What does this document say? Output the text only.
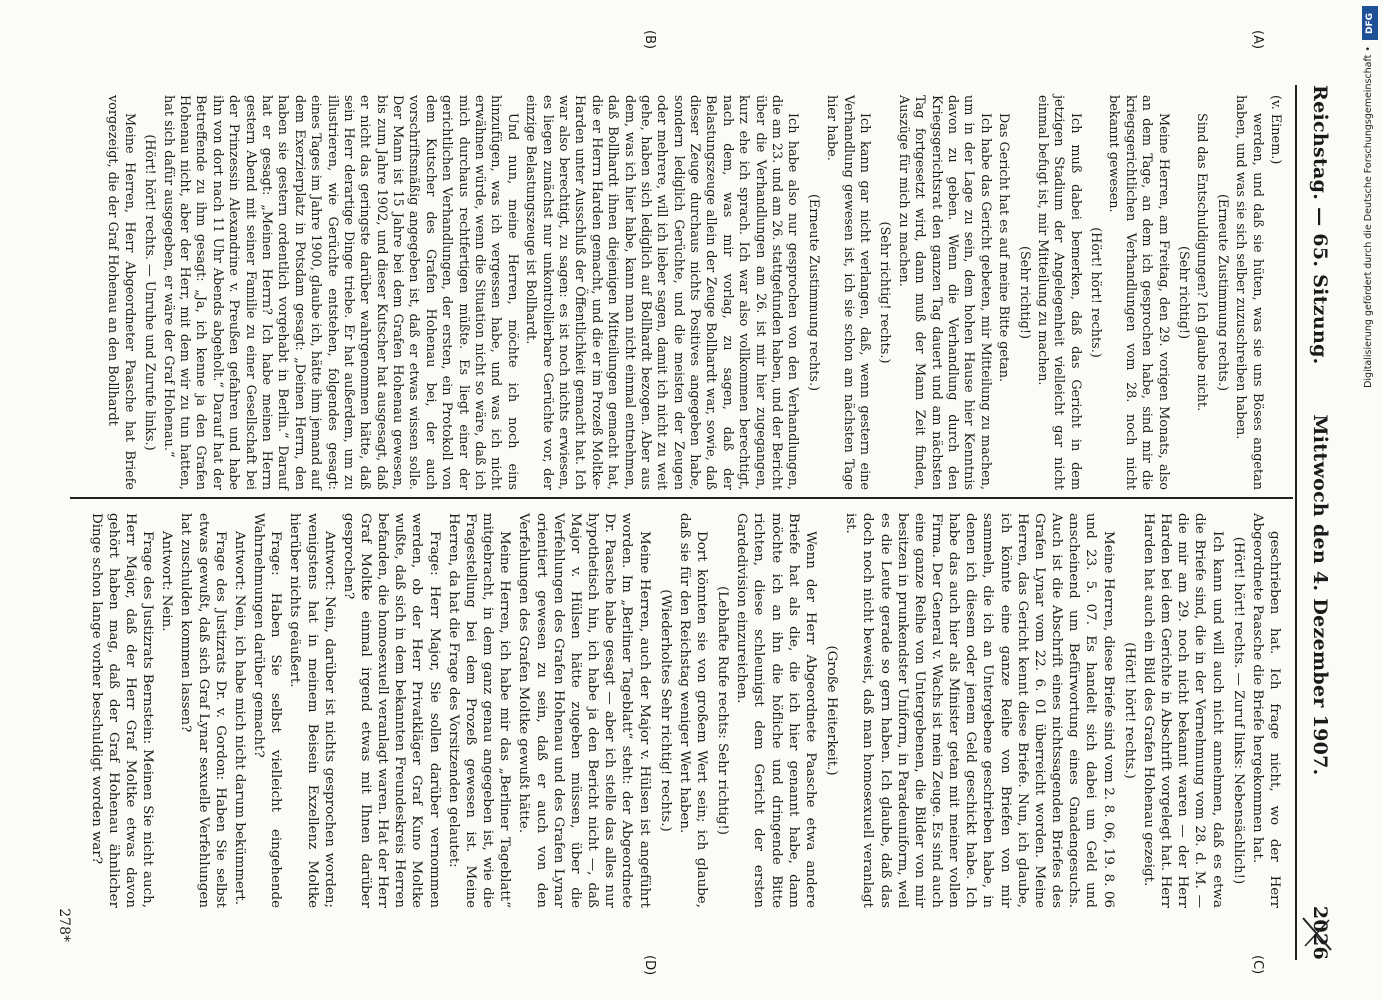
Reichstag. — 65. Sitzung.
Mittwoch den 4. Dezember 1907.
2026
(A)
(B)
(C)
(D)

(v. Einem.)

werden, und daß sie hüten, was sie uns Böses angetan haben, und was sie sich selber zuzuschreiben haben.

(Erneute Zustimmung rechts.)

Sind das Entschuldigungen? Ich glaube nicht.

(Sehr richtig!)

Meine Herren, am Freitag, den 29. vorigen Monats, also an dem Tage, an dem ich gesprochen habe, sind mir die kriegsgerichtlichen Verhandlungen vom 28. noch nicht bekannt gewesen.

(Hört! hört! rechts.)

Ich muß dabei bemerken, daß das Gericht in dem jetzigen Stadium der Angelegenheit vielleicht gar nicht einmal befugt ist, mir Mitteilung zu machen.

(Sehr richtig!)

Das Gericht hat es auf meine Bitte getan.

Ich habe das Gericht gebeten, mir Mitteilung zu machen, um in der Lage zu sein, dem hohen Hause hier Kenntnis davon zu geben. Wenn die Verhandlung durch den Kriegsgerichtsrat den ganzen Tag dauert und am nächsten Tag fortgesetzt wird, dann muß der Mann Zeit finden, Auszüge für mich zu machen.

(Sehr richtig! rechts.)

Ich kann gar nicht verlangen, daß, wenn gestern eine Verhandlung gewesen ist, ich sie schon am nächsten Tage hier habe.

(Erneute Zustimmung rechts.)

Ich habe also nur gesprochen von den Verhandlungen, die am 23. und am 26. stattgefunden haben, und der Bericht über die Verhandlungen am 26. ist mir hier zugegangen, kurz ehe ich sprach. Ich war also vollkommen berechtigt, nach dem, was mir vorlag, zu sagen, daß der Belastungszeuge allein der Zeuge Bollhardt war, sowie, daß dieser Zeuge durchaus nichts Positives angegeben habe, sondern lediglich Gerüchte, und die meisten der Zeugen oder mehrere, will ich lieber sagen, damit ich nicht zu weit gehe, haben sich lediglich auf Bollhardt bezogen. Aber aus dem, was ich hier habe, kann man nicht einmal entnehmen, daß Bollhardt ihnen diejenigen Mitteilungen gemacht hat, die er Herrn Harden gemacht, und die er im Prozeß Moltke-Harden unter Ausschluß der Öffentlichkeit gemacht hat. Ich war also berechtigt, zu sagen: es ist noch nichts erwiesen, es liegen zunächst nur unkontrollierbare Gerüchte vor, der einzige Belastungszeuge ist Bollhardt.

Und nun, meine Herren, möchte ich noch eins hinzufügen, was ich vergessen habe, und was ich nicht erwähnen würde, wenn die Situation nicht so wäre, daß ich mich durchaus rechtfertigen müßte. Es liegt einer der gerichtlichen Verhandlungen, der ersten, ein Protokoll von dem Kutscher des Grafen Hohenau bei, der auch vorschriftsmäßig angegeben ist, daß er etwas wissen solle. Der Mann ist 15 Jahre bei dem Grafen Hohenau gewesen, bis zum Jahre 1902, und dieser Kutscher hat ausgesagt, daß er nicht das geringste darüber wahrgenommen hätte, daß sein Herr derartige Dinge triebe. Er hat außerdem, um zu illustrieren, wie Gerüchte entstehen, folgendes gesagt: eines Tages im Jahre 1900, glaube ich, hätte ihm jemand auf dem Exerzierplatz in Potsdam gesagt: „Deinen Herrn, den haben sie gestern ordentlich vorgehabt in Berlin.“ Darauf hat er gesagt: „Meinen Herrn? Ich habe meinen Herrn gestern Abend mit seiner Familie zu einer Gesellschaft bei der Prinzessin Alexandrine v. Preußen gefahren und habe ihn von dort nach 11 Uhr Abends abgeholt.“ Darauf hat der Betreffende zu ihm gesagt: „Ja, ich kenne ja den Grafen Hohenau nicht, aber der Herr, mit dem wir zu tun hatten, hat sich dafür ausgegeben, er wäre der Graf Hohenau.“

(Hört! hört! rechts. — Unruhe und Zurufe links.)

Meine Herren, Herr Abgeordneter Paasche hat Briefe vorgezeigt, die der Graf Hohenau an den Bollhardt

geschrieben hat. Ich frage nicht, wo der Herr Abgeordnete Paasche die Briefe hergekommen hat.

(Hört! hört! rechts. — Zuruf links: Nebensächlich!)

Ich kann und will auch nicht annehmen, daß es etwa die Briefe sind, die in der Vernehmung vom 28. d. M. — die mir am 29. noch nicht bekannt waren — der Herr Harden bei dem Gerichte in Abschrift vorgelegt hat. Herr Harden hat auch ein Bild des Grafen Hohenau gezeigt.

(Hört! hört! rechts.)

Meine Herren, diese Briefe sind vom 2. 8. 06, 19. 8. 06 und 23. 5. 07. Es handelt sich dabei um Geld und anscheinend um Befürwortung eines Gnadengesuchs. Auch ist die Abschrift eines nichtssagenden Briefes des Grafen Lynar vom 22. 6. 01 überreicht worden. Meine Herren, das Gericht kennt diese Briefe. Nun, ich glaube, ich könnte eine ganze Reihe von Briefen von mir sammeln, die ich an Untergebene geschrieben habe, in denen ich diesem oder jenem Geld geschickt habe. Ich habe das auch hier als Minister getan mit meiner vollen Firma. Der General v. Wachs ist mein Zeuge. Es sind auch eine ganze Reihe von Untergebenen, die Bilder von mir besitzen in prunkendster Uniform, in Paradeuniform, weil es die Leute gerade so gern haben. Ich glaube, daß das doch noch nicht beweist, daß man homosexuell veranlagt ist.

(Große Heiterkeit.)

Wenn der Herr Abgeordnete Paasche etwa andere Briefe hat als die, die ich hier genannt habe, dann möchte ich an ihn die höfliche und dringende Bitte richten, diese schleunigst dem Gericht der ersten Gardedivision einzureichen.

(Lebhafte Rufe rechts: Sehr richtig!)

Dort könnten sie von großem Wert sein; ich glaube, daß sie für den Reichstag weniger Wert haben.

(Wiederholtes Sehr richtig! rechts.)

Meine Herren, auch der Major v. Hülsen ist angeführt worden. Im „Berliner Tageblatt“ steht: der Abgeordnete Dr. Paasche habe gesagt — aber ich stelle das alles nur hypothetisch hin, ich habe ja den Bericht nicht —, daß Major v. Hülsen hätte zugeben müssen, über die Verfehlungen des Grafen Hohenau und des Grafen Lynar orientiert gewesen zu sein, daß er auch von den Verfehlungen des Grafen Moltke gewußt hätte.

Meine Herren, ich habe mir das „Berliner Tageblatt“ mitgebracht, in dem ganz genau angegeben ist, wie die Fragestellung bei dem Prozeß gewesen ist. Meine Herren, da hat die Frage des Vorsitzenden gelautet:

Frage: Herr Major, Sie sollen darüber vernommen werden, ob der Herr Privatkläger Graf Kuno Moltke wußte, daß sich in dem bekannten Freundeskreis Herren befanden, die homosexuell veranlagt waren. Hat der Herr Graf Moltke einmal irgend etwas mit Ihnen darüber gesprochen?

Antwort: Nein, darüber ist nichts gesprochen worden; wenigstens hat in meinem Beisein Exzellenz Moltke hierüber nichts geäußert.

Frage: Haben Sie selbst vielleicht eingehende Wahrnehmungen darüber gemacht?

Antwort: Nein, ich habe mich nicht darum bekümmert.

Frage des Justizrats Dr. v. Gordon: Haben Sie selbst etwas gewußt, daß sich Graf Lynar sexuelle Verfehlungen hat zuschulden kommen lassen?

Antwort: Nein.

Frage des Justizrats Bernstein: Meinen Sie nicht auch, Herr Major, daß der Herr Graf Moltke etwas davon gehört haben mag, daß der Graf Hohenau ähnlicher Dinge schon lange vorher beschuldigt worden war?

278*
DFG
Digitalisierung gefördert durch die Deutsche Forschungsgemeinschaft •
